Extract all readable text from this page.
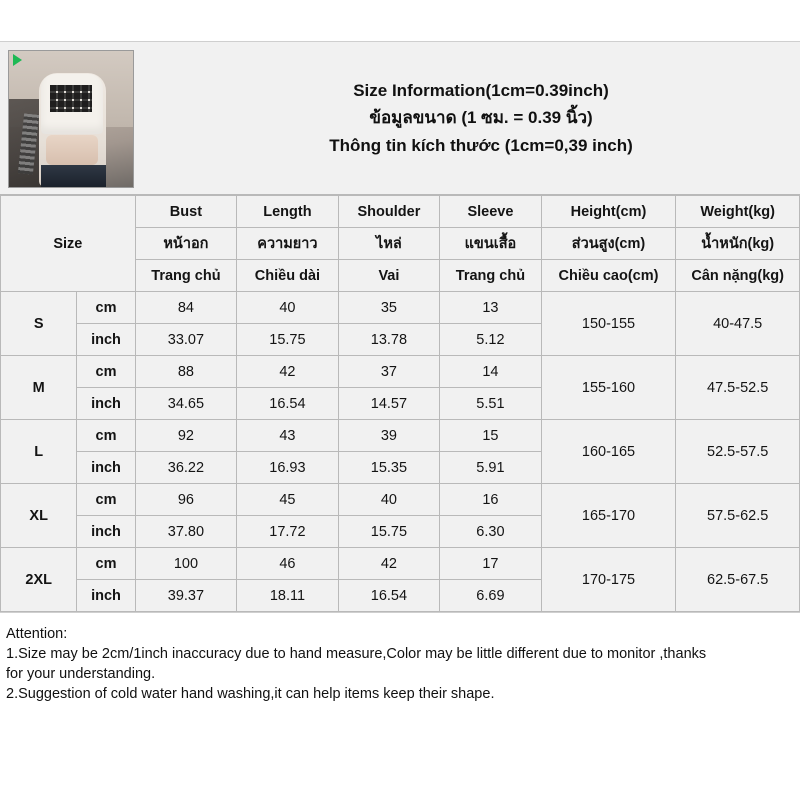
Size Information(1cm=0.39inch)
ข้อมูลขนาด (1 ซม. = 0.39 นิ้ว)
Thông tin kích thước (1cm=0,39 inch)
Size		Bust	Length	Shoulder	Sleeve	Height(cm)	Weight(kg)
		หน้าอก	ความยาว	ไหล่	แขนเสื้อ	ส่วนสูง(cm)	น้ำหนัก(kg)
		Trang chủ	Chiều dài	Vai	Trang chủ	Chiều cao(cm)	Cân nặng(kg)
S	cm	84	40	35	13	150-155	40-47.5
	inch	33.07	15.75	13.78	5.12		
M	cm	88	42	37	14	155-160	47.5-52.5
	inch	34.65	16.54	14.57	5.51		
L	cm	92	43	39	15	160-165	52.5-57.5
	inch	36.22	16.93	15.35	5.91		
XL	cm	96	45	40	16	165-170	57.5-62.5
	inch	37.80	17.72	15.75	6.30		
2XL	cm	100	46	42	17	170-175	62.5-67.5
	inch	39.37	18.11	16.54	6.69		

Attention:

1.Size may be 2cm/1inch inaccuracy due to hand measure,Color may be little different due to monitor ,thanks

for your understanding.

2.Suggestion of cold water hand washing,it can help items keep their shape.
